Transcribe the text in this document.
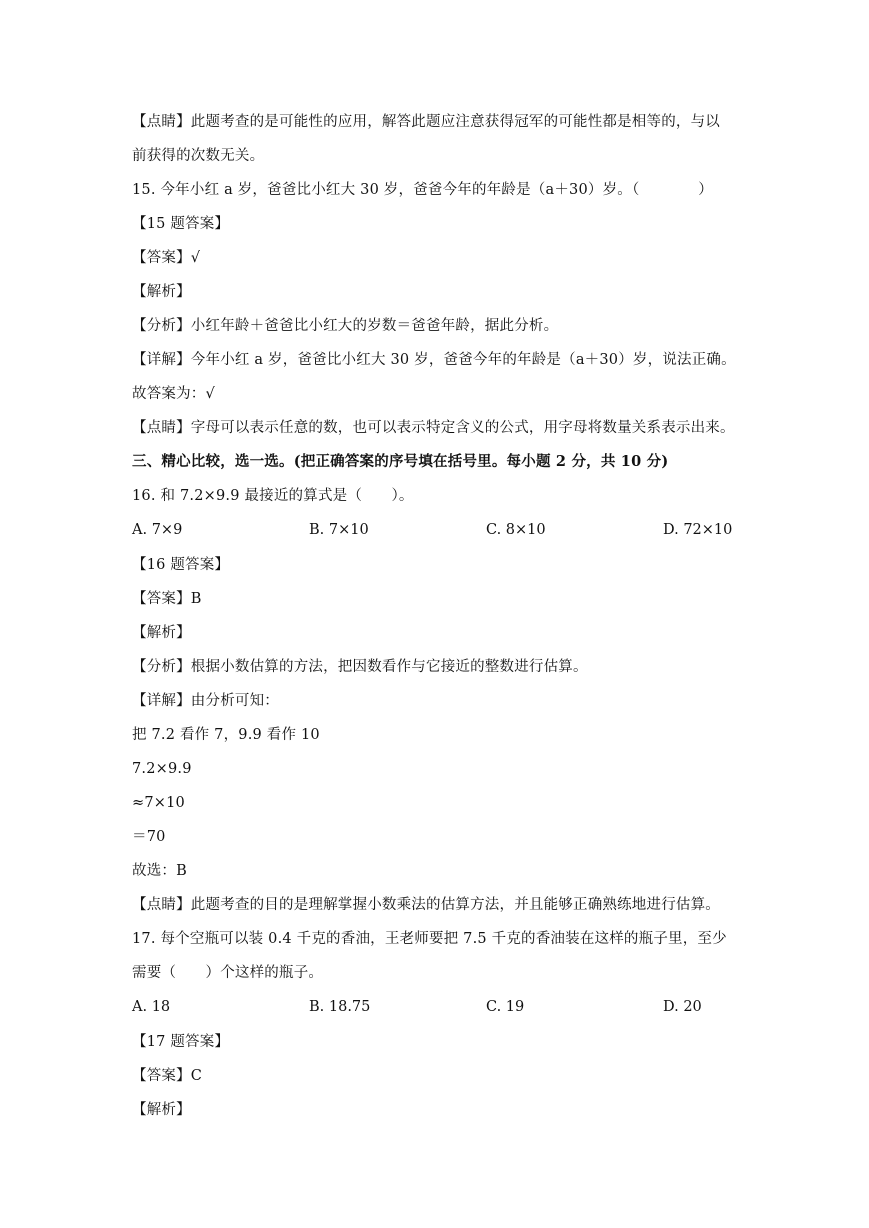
【点睛】此题考查的是可能性的应用，解答此题应注意获得冠军的可能性都是相等的，与以
前获得的次数无关。
15. 今年小红 a 岁，爸爸比小红大 30 岁，爸爸今年的年龄是（a＋30）岁。（　　　　）
【15 题答案】
【答案】√
【解析】
【分析】小红年龄＋爸爸比小红大的岁数＝爸爸年龄，据此分析。
【详解】今年小红 a 岁，爸爸比小红大 30 岁，爸爸今年的年龄是（a＋30）岁，说法正确。
故答案为：√
【点睛】字母可以表示任意的数，也可以表示特定含义的公式，用字母将数量关系表示出来。
三、精心比较，选一选。(把正确答案的序号填在括号里。每小题 2 分，共 10 分)
16. 和 7.2×9.9 最接近的算式是（　　）。
A. 7×9	B. 7×10	C. 8×10	D. 72×10
【16 题答案】
【答案】B
【解析】
【分析】根据小数估算的方法，把因数看作与它接近的整数进行估算。
【详解】由分析可知：
把 7.2 看作 7，9.9 看作 10
7.2×9.9
≈7×10
＝70
故选：B
【点睛】此题考查的目的是理解掌握小数乘法的估算方法，并且能够正确熟练地进行估算。
17. 每个空瓶可以装 0.4 千克的香油，王老师要把 7.5 千克的香油装在这样的瓶子里，至少
需要（　　）个这样的瓶子。
A. 18	B. 18.75	C. 19	D. 20
【17 题答案】
【答案】C
【解析】
